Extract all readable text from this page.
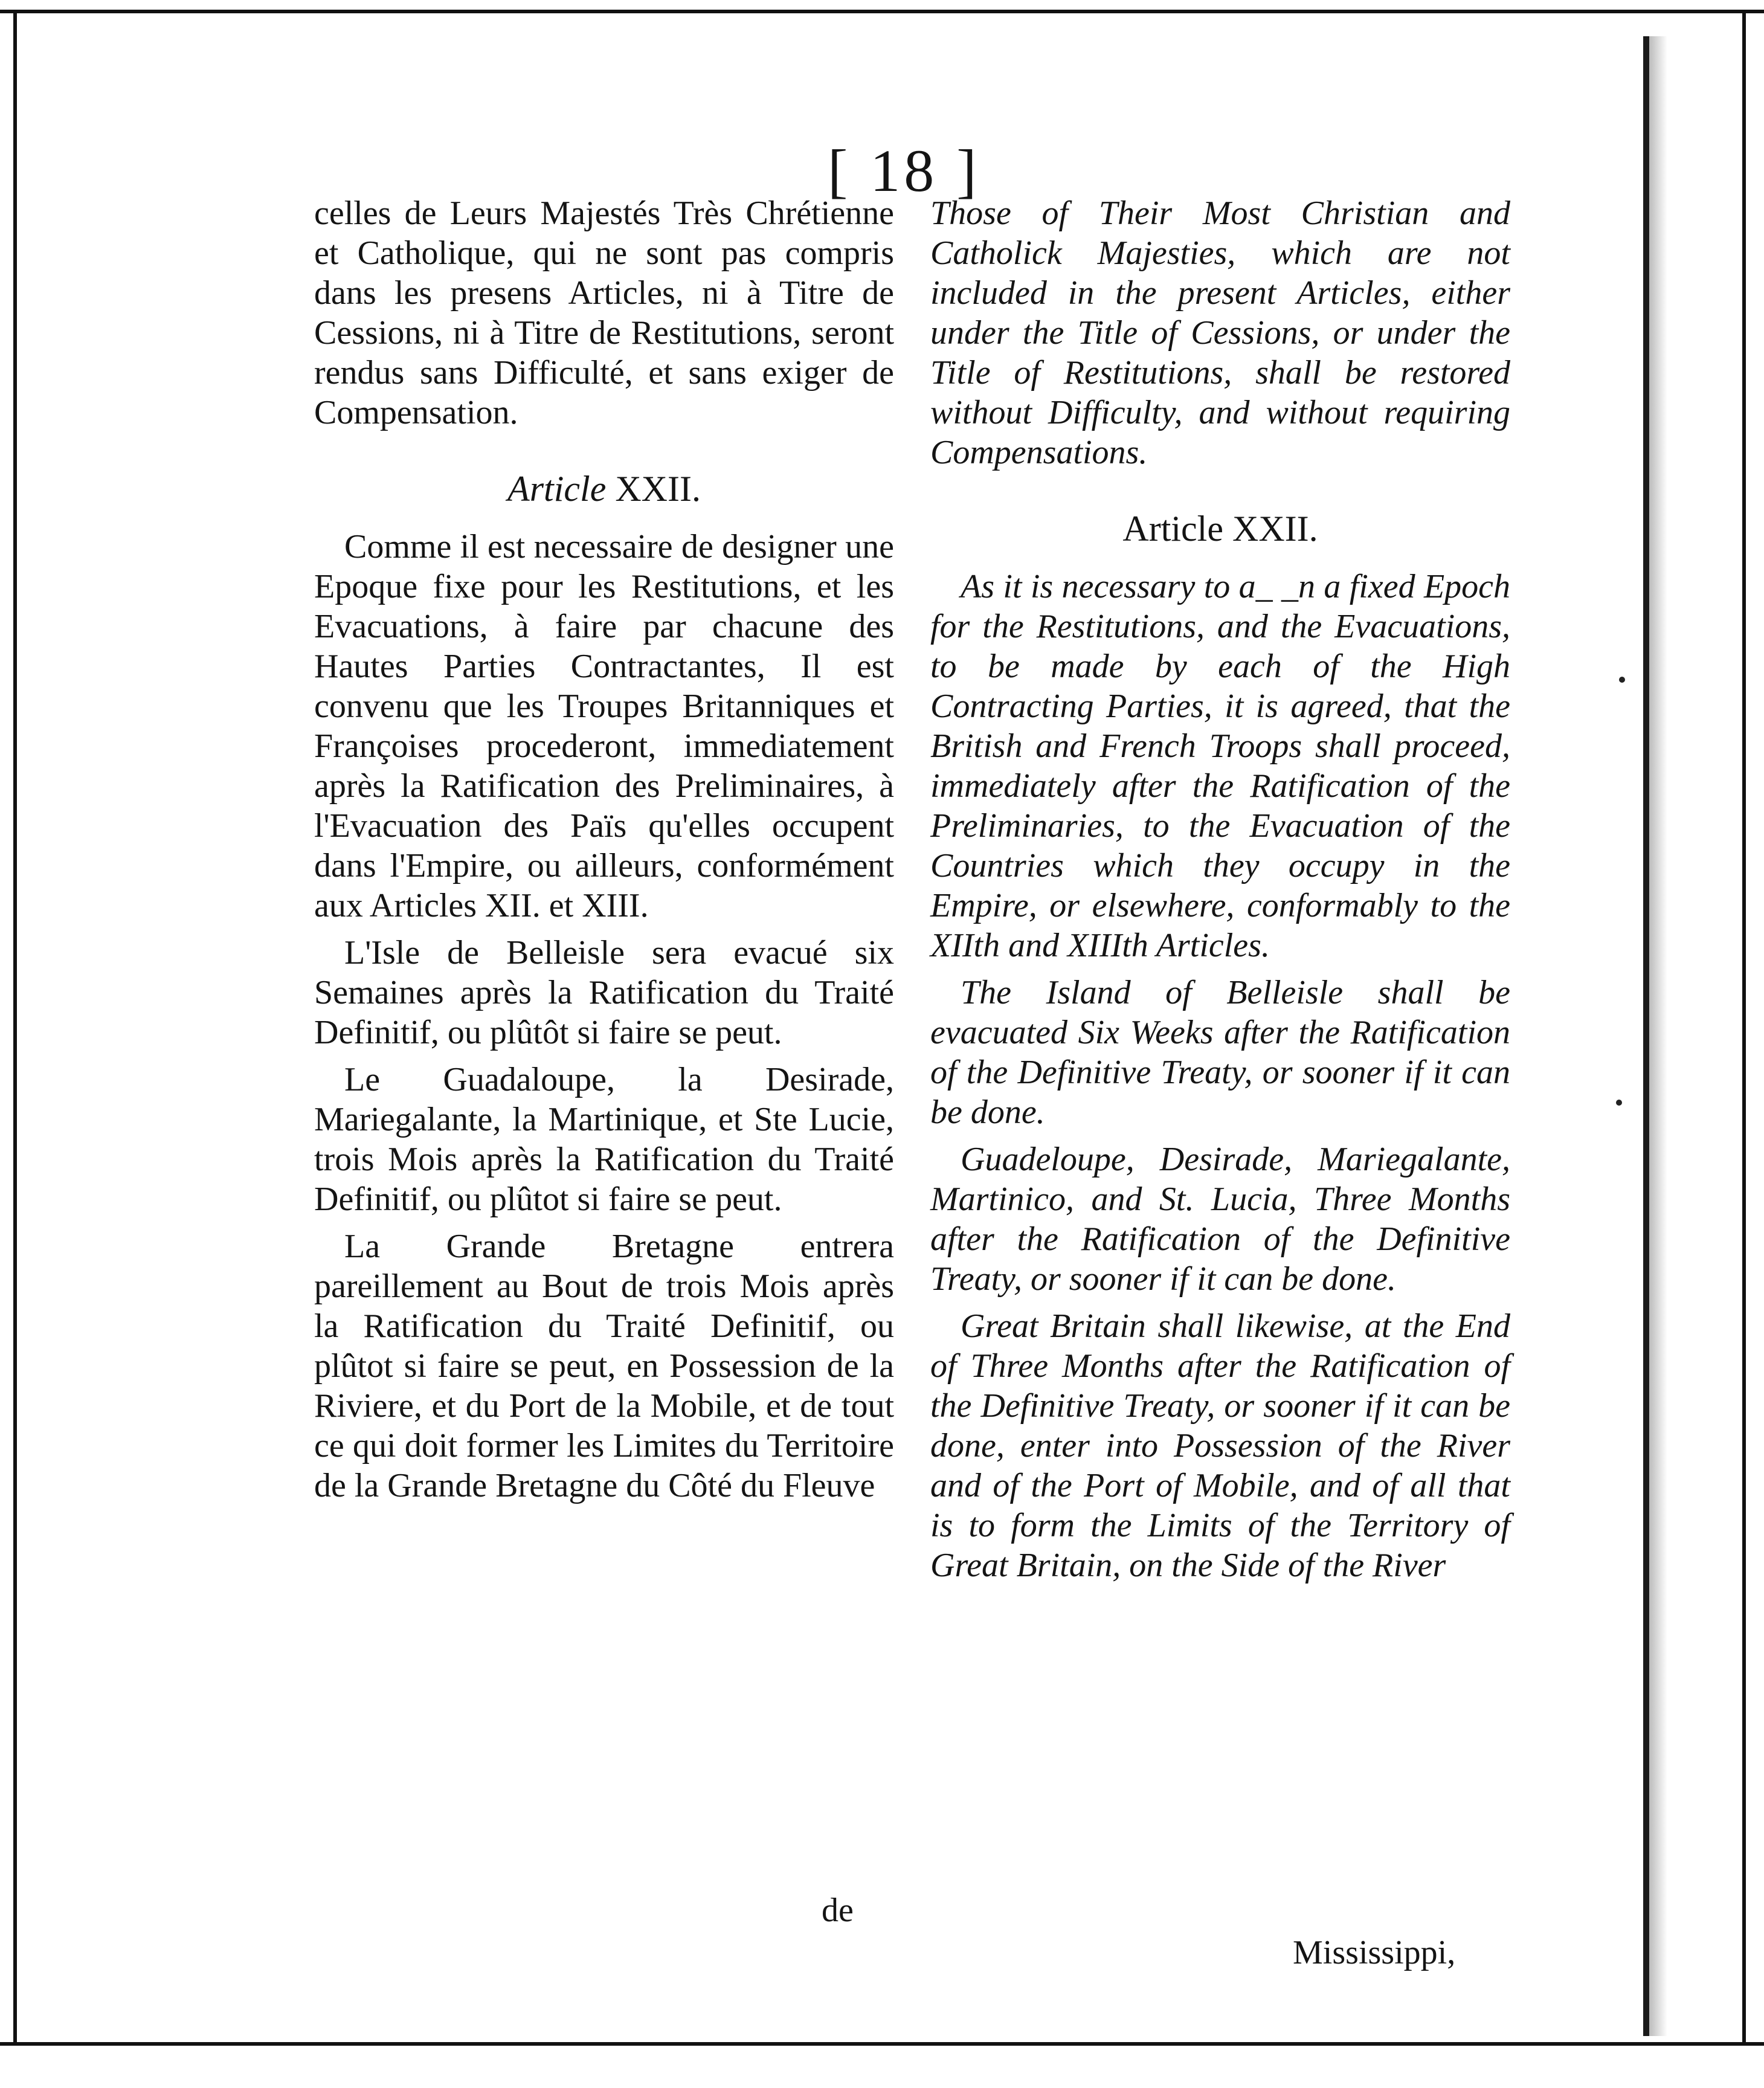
[ 18 ]

celles de Leurs Majestés Très Chrétienne et Catholique, qui ne sont pas compris dans les presens Articles, ni à Titre de Cessions, ni à Titre de Restitutions, seront rendus sans Difficulté, et sans exiger de Compensation.

Article XXII.

Comme il est necessaire de designer une Epoque fixe pour les Restitutions, et les Evacuations, à faire par chacune des Hautes Parties Contractantes, Il est convenu que les Troupes Britanniques et Françoises procederont, immediatement après la Ratification des Preliminaires, à l'Evacuation des Païs qu'elles occupent dans l'Empire, ou ailleurs, conformément aux Articles XII. et XIII.

L'Isle de Belleisle sera evacué six Semaines après la Ratification du Traité Definitif, ou plûtôt si faire se peut.

Le Guadaloupe, la Desirade, Mariegalante, la Martinique, et Ste Lucie, trois Mois après la Ratification du Traité Definitif, ou plûtot si faire se peut.

La Grande Bretagne entrera pareillement au Bout de trois Mois après la Ratification du Traité Definitif, ou plûtot si faire se peut, en Possession de la Riviere, et du Port de la Mobile, et de tout ce qui doit former les Limites du Territoire de la Grande Bretagne du Côté du Fleuve

Those of Their Most Christian and Catholick Majesties, which are not included in the present Articles, either under the Title of Cessions, or under the Title of Restitutions, shall be restored without Difficulty, and without requiring Compensations.

Article XXII.

As it is necessary to a_ _n a fixed Epoch for the Restitutions, and the Evacuations, to be made by each of the High Contracting Parties, it is agreed, that the British and French Troops shall proceed, immediately after the Ratification of the Preliminaries, to the Evacuation of the Countries which they occupy in the Empire, or elsewhere, conformably to the XIIth and XIIIth Articles.

The Island of Belleisle shall be evacuated Six Weeks after the Ratification of the Definitive Treaty, or sooner if it can be done.

Guadeloupe, Desirade, Mariegalante, Martinico, and St. Lucia, Three Months after the Ratification of the Definitive Treaty, or sooner if it can be done.

Great Britain shall likewise, at the End of Three Months after the Ratification of the Definitive Treaty, or sooner if it can be done, enter into Possession of the River and of the Port of Mobile, and of all that is to form the Limits of the Territory of Great Britain, on the Side of the River

de
Mississippi,
